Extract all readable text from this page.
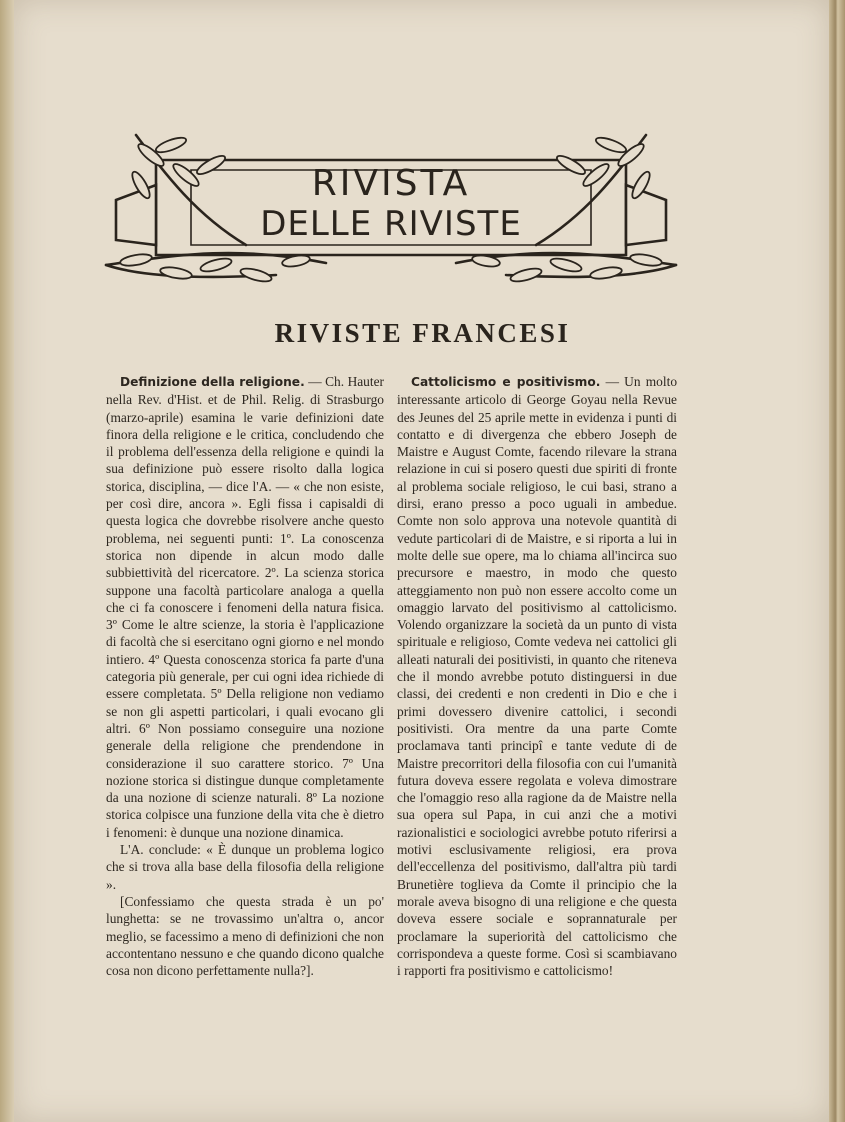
RIVISTA
DELLE RIVISTE
RIVISTE FRANCESI

Definizione della religione. — Ch. Hauter nella Rev. d'Hist. et de Phil. Relig. di Strasburgo (marzo-aprile) esamina le varie definizioni date finora della religione e le critica, concludendo che il problema dell'essenza della religione e quindi la sua definizione può essere risolto dalla logica storica, disciplina, — dice l'A. — « che non esiste, per così dire, ancora ». Egli fissa i capisaldi di questa logica che dovrebbe risolvere anche questo problema, nei seguenti punti: 1º. La conoscenza storica non dipende in alcun modo dalle subbiettività del ricercatore. 2º. La scienza storica suppone una facoltà particolare analoga a quella che ci fa conoscere i fenomeni della natura fisica. 3º Come le altre scienze, la storia è l'applicazione di facoltà che si esercitano ogni giorno e nel mondo intiero. 4º Questa conoscenza storica fa parte d'una categoria più generale, per cui ogni idea richiede di essere completata. 5º Della religione non vediamo se non gli aspetti particolari, i quali evocano gli altri. 6º Non possiamo conseguire una nozione generale della religione che prendendone in considerazione il suo carattere storico. 7º Una nozione storica si distingue dunque completamente da una nozione di scienze naturali. 8º La nozione storica colpisce una funzione della vita che è dietro i fenomeni: è dunque una nozione dinamica.

L'A. conclude: « È dunque un problema logico che si trova alla base della filosofia della religione ».

[Confessiamo che questa strada è un po' lunghetta: se ne trovassimo un'altra o, ancor meglio, se facessimo a meno di definizioni che non accontentano nessuno e che quando dicono qualche cosa non dicono perfettamente nulla?].

Cattolicismo e positivismo. — Un molto interessante articolo di George Goyau nella Revue des Jeunes del 25 aprile mette in evidenza i punti di contatto e di divergenza che ebbero Joseph de Maistre e August Comte, facendo rilevare la strana relazione in cui si posero questi due spiriti di fronte al problema sociale religioso, le cui basi, strano a dirsi, erano presso a poco uguali in ambedue. Comte non solo approva una notevole quantità di vedute particolari di de Maistre, e si riporta a lui in molte delle sue opere, ma lo chiama all'incirca suo precursore e maestro, in modo che questo atteggiamento non può non essere accolto come un omaggio larvato del positivismo al cattolicismo. Volendo organizzare la società da un punto di vista spirituale e religioso, Comte vedeva nei cattolici gli alleati naturali dei positivisti, in quanto che riteneva che il mondo avrebbe potuto distinguersi in due classi, dei credenti e non credenti in Dio e che i primi dovessero divenire cattolici, i secondi positivisti. Ora mentre da una parte Comte proclamava tanti principî e tante vedute di de Maistre precorritori della filosofia con cui l'umanità futura doveva essere regolata e voleva dimostrare che l'omaggio reso alla ragione da de Maistre nella sua opera sul Papa, in cui anzi che a motivi razionalistici e sociologici avrebbe potuto riferirsi a motivi esclusivamente religiosi, era prova dell'eccellenza del positivismo, dall'altra più tardi Brunetière toglieva da Comte il principio che la morale aveva bisogno di una religione e che questa doveva essere sociale e soprannaturale per proclamare la superiorità del cattolicismo che corrispondeva a queste forme. Così si scambiavano i rapporti fra positivismo e cattolicismo!
